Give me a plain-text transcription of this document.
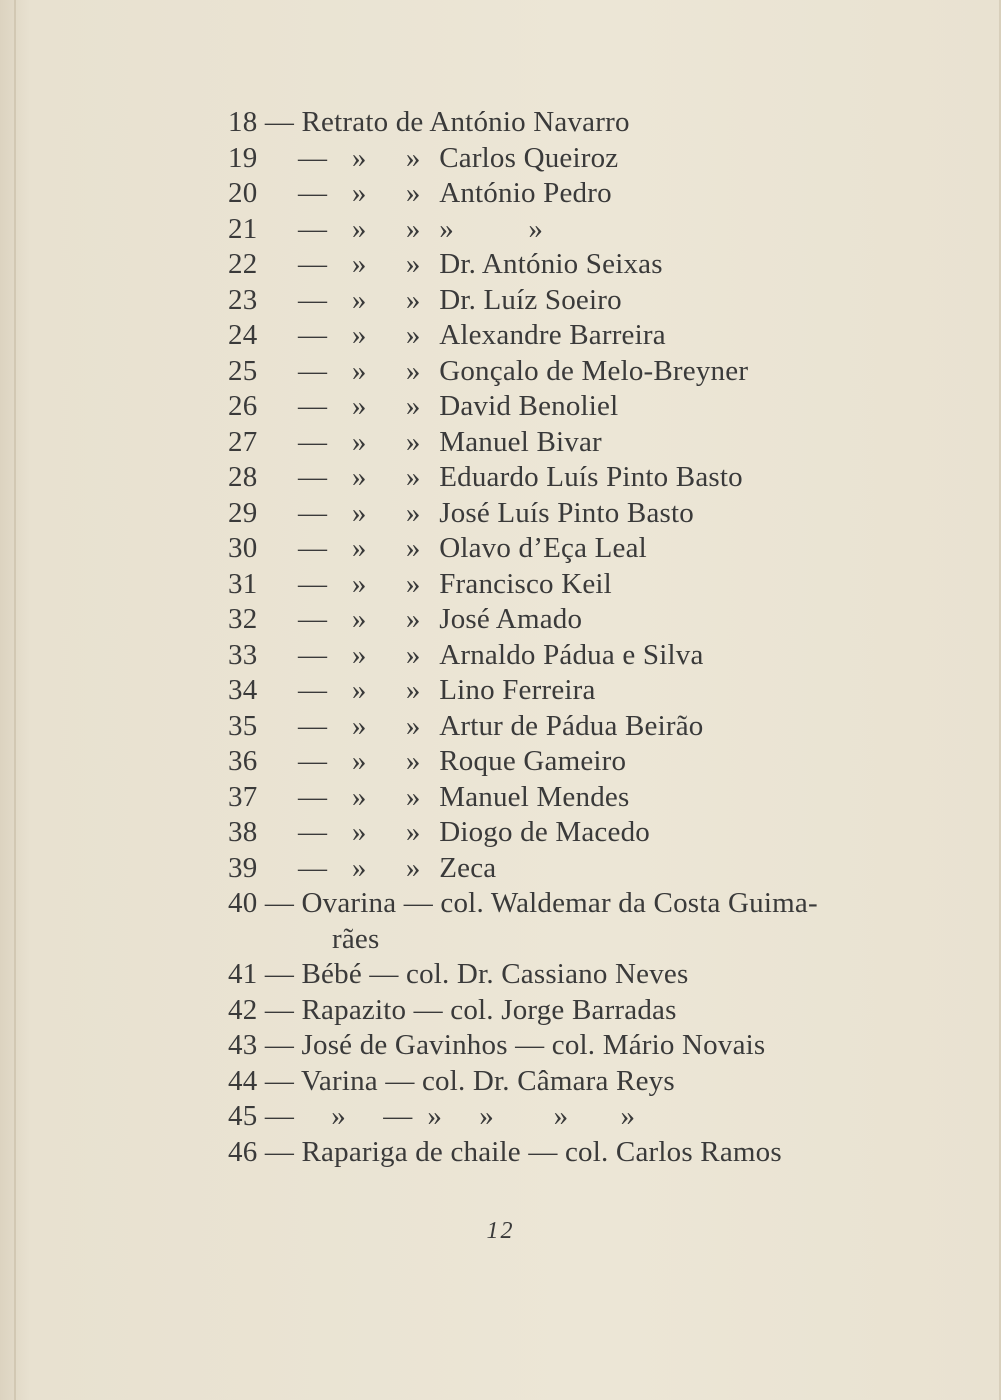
18 — Retrato de António Navarro
19 — » » Carlos Queiroz
20 — » » António Pedro
21 — » » »          »
22 — » » Dr. António Seixas
23 — » » Dr. Luíz Soeiro
24 — » » Alexandre Barreira
25 — » » Gonçalo de Melo-Breyner
26 — » » David Benoliel
27 — » » Manuel Bivar
28 — » » Eduardo Luís Pinto Basto
29 — » » José Luís Pinto Basto
30 — » » Olavo d’Eça Leal
31 — » » Francisco Keil
32 — » » José Amado
33 — » » Arnaldo Pádua e Silva
34 — » » Lino Ferreira
35 — » » Artur de Pádua Beirão
36 — » » Roque Gameiro
37 — » » Manuel Mendes
38 — » » Diogo de Macedo
39 — » » Zeca
40 — Ovarina — col. Waldemar da Costa Guima-
rães
41 — Bébé — col. Dr. Cassiano Neves
42 — Rapazito — col. Jorge Barradas
43 — José de Gavinhos — col. Mário Novais
44 — Varina — col. Dr. Câmara Reys
45 —     »     —  »     »        »       »
46 — Rapariga de chaile — col. Carlos Ramos
12
